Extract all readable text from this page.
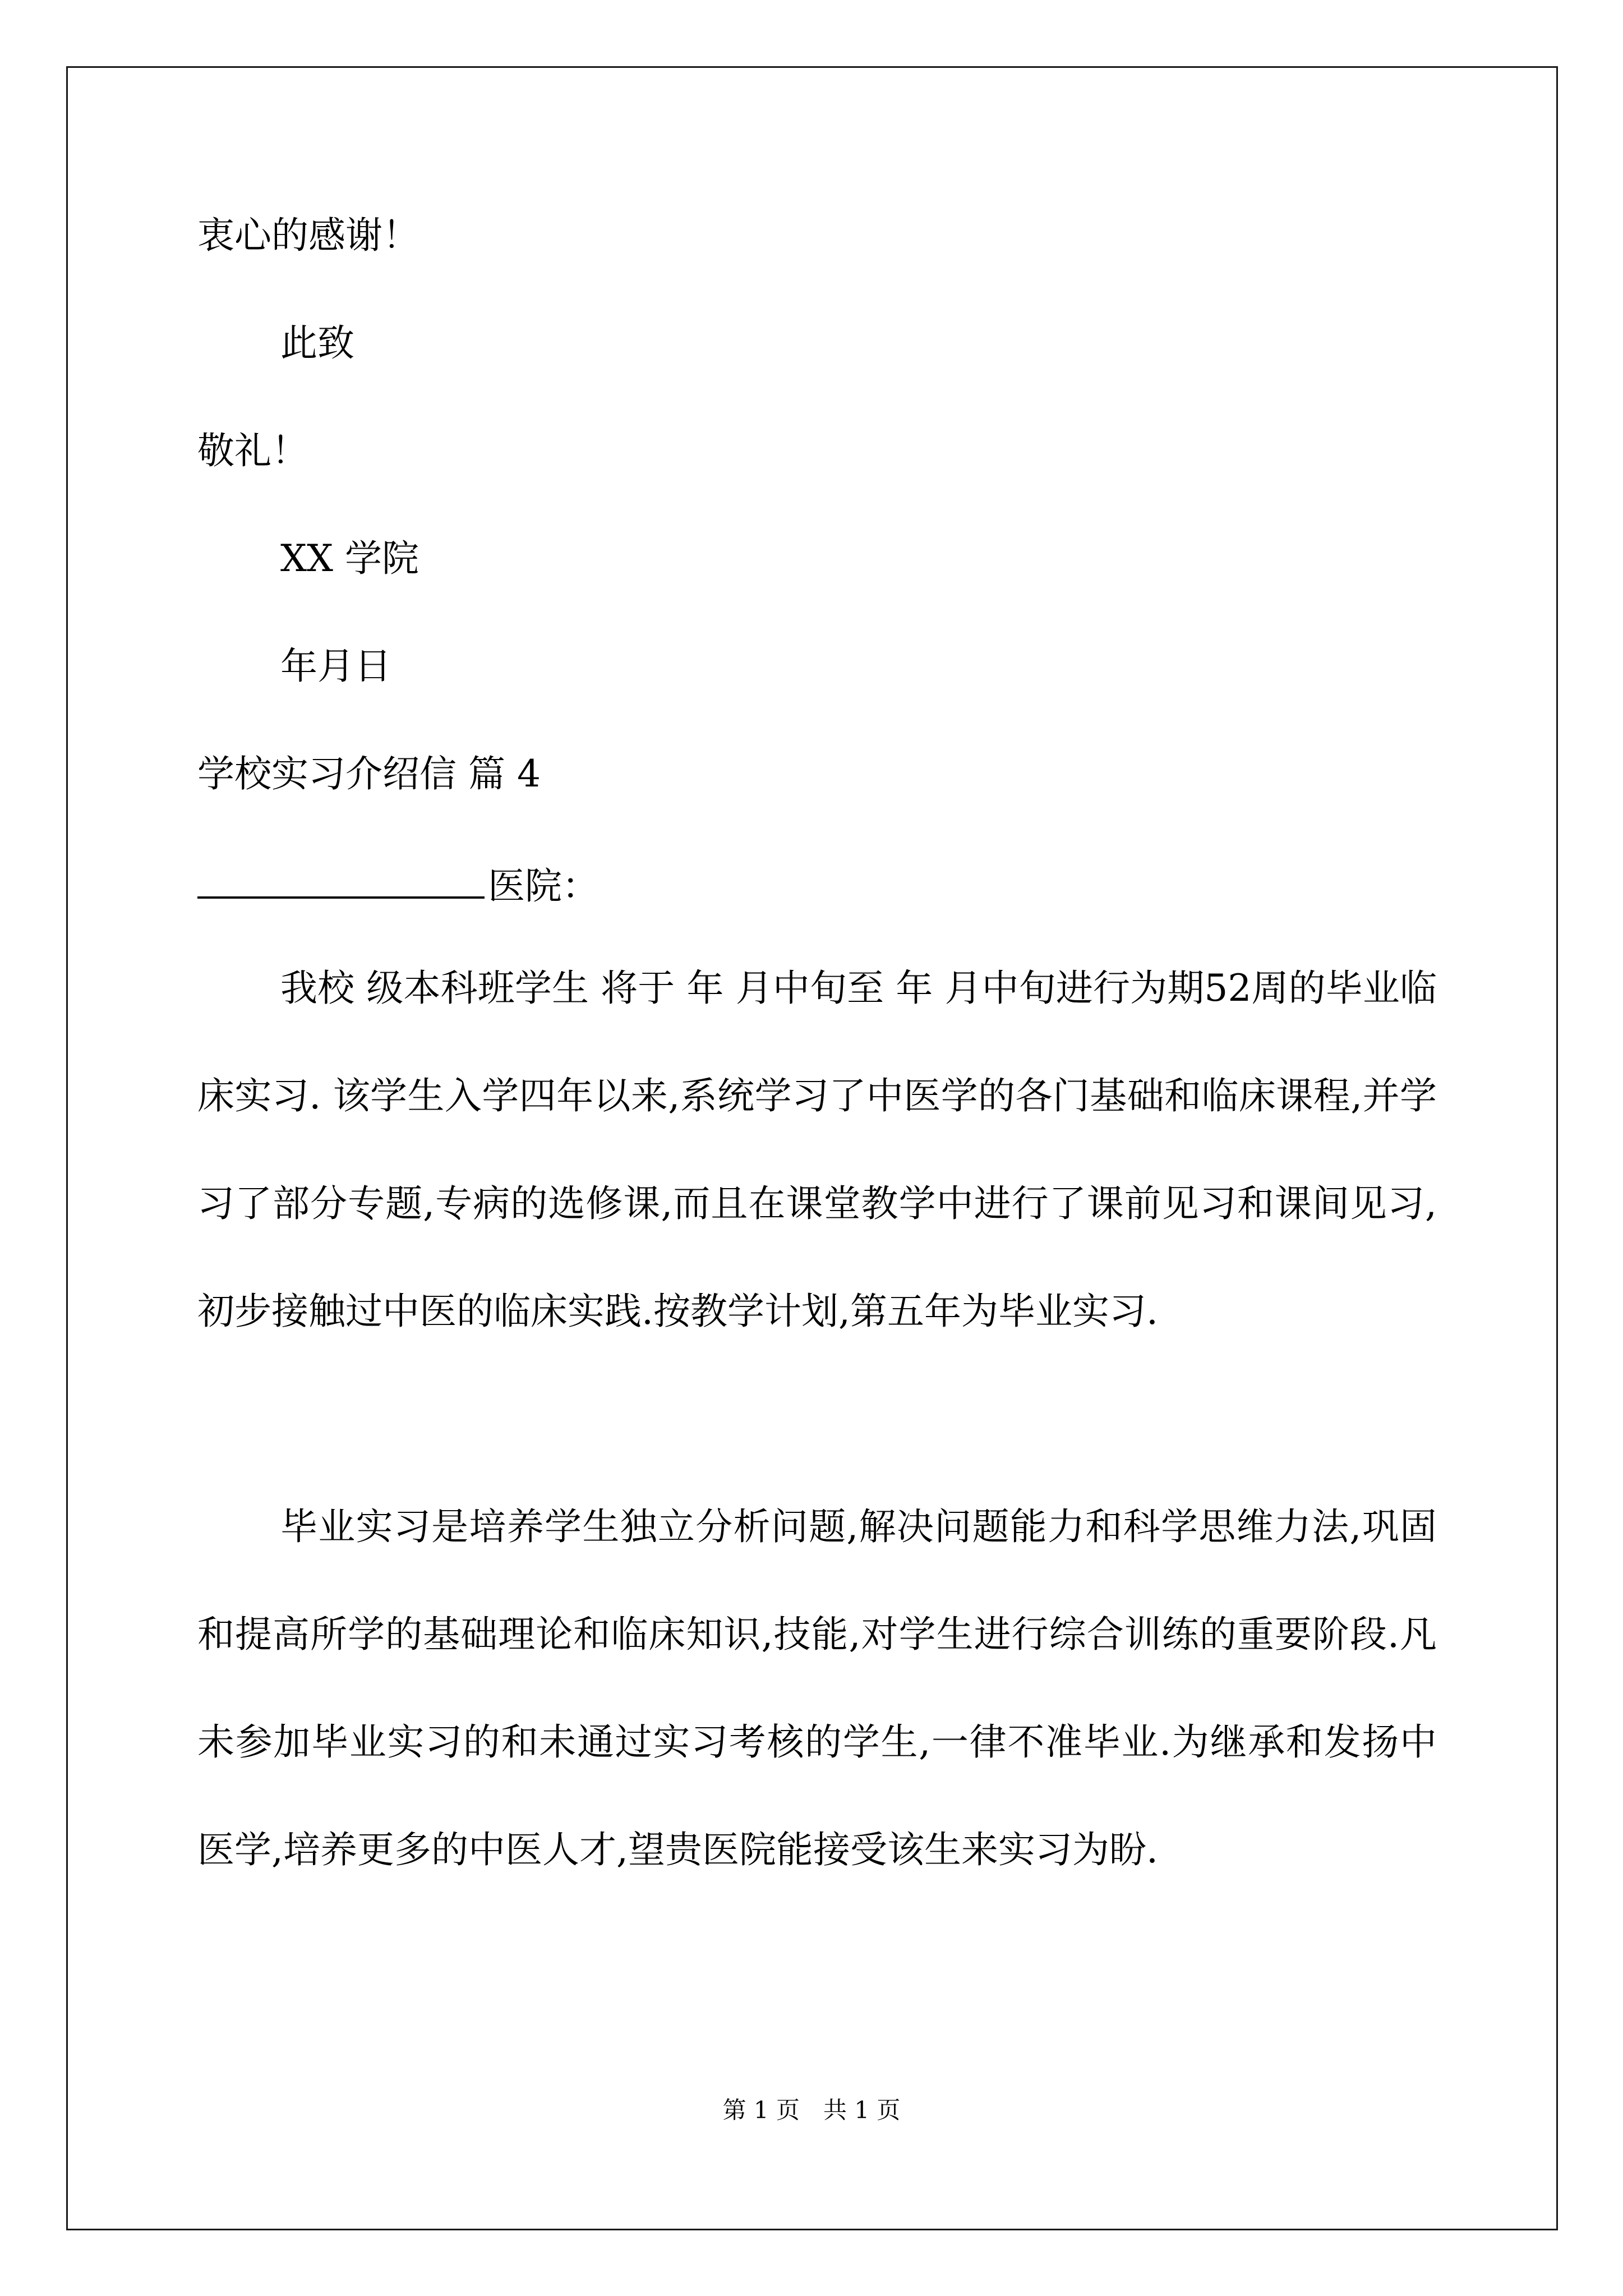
衷心的感谢！
此致
敬礼！
XX 学院
年月日
学校实习介绍信 篇 4
医院：
我校 级本科班学生 将于 年 月中旬至 年 月中旬进行为期52周的毕业临床实习. 该学生入学四年以来,系统学习了中医学的各门基础和临床课程,并学习了部分专题,专病的选修课,而且在课堂教学中进行了课前见习和课间见习,初步接触过中医的临床实践.按教学计划,第五年为毕业实习.
毕业实习是培养学生独立分析问题,解决问题能力和科学思维力法,巩固和提高所学的基础理论和临床知识,技能,对学生进行综合训练的重要阶段.凡未参加毕业实习的和未通过实习考核的学生,一律不准毕业.为继承和发扬中医学,培养更多的中医人才,望贵医院能接受该生来实习为盼.
第 1 页　共 1 页
